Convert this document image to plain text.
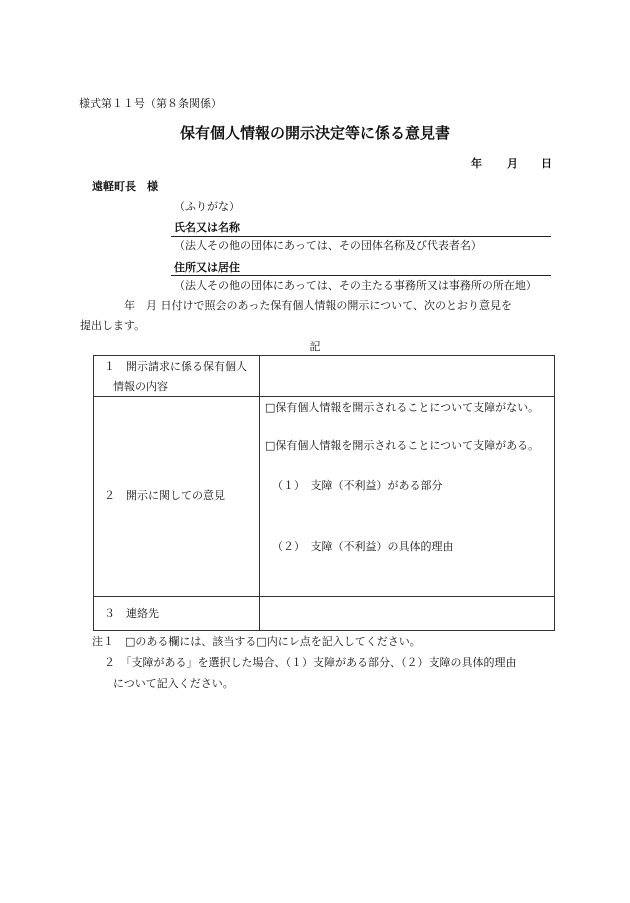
様式第１１号（第８条関係）
保有個人情報の開示決定等に係る意見書
年 月 日
遠軽町長　様
（ふりがな）
氏名又は名称
（法人その他の団体にあっては、その団体名称及び代表者名）
住所又は居住
（法人その他の団体にあっては、その主たる事務所又は事務所の所在地）
年　月 日付けで照会のあった保有個人情報の開示について、次のとおり意見を
提出します。
記
１　開示請求に係る保有個人
情報の内容
２　開示に関しての意見
□保有個人情報を開示されることについて支障がない。
□保有個人情報を開示されることについて支障がある。
（１）　支障（不利益）がある部分
（２）　支障（不利益）の具体的理由
３　連絡先
注１　□のある欄には、該当する□内にレ点を記入してください。
２　「支障がある」を選択した場合、（１）支障がある部分、（２）支障の具体的理由
について記入ください。
